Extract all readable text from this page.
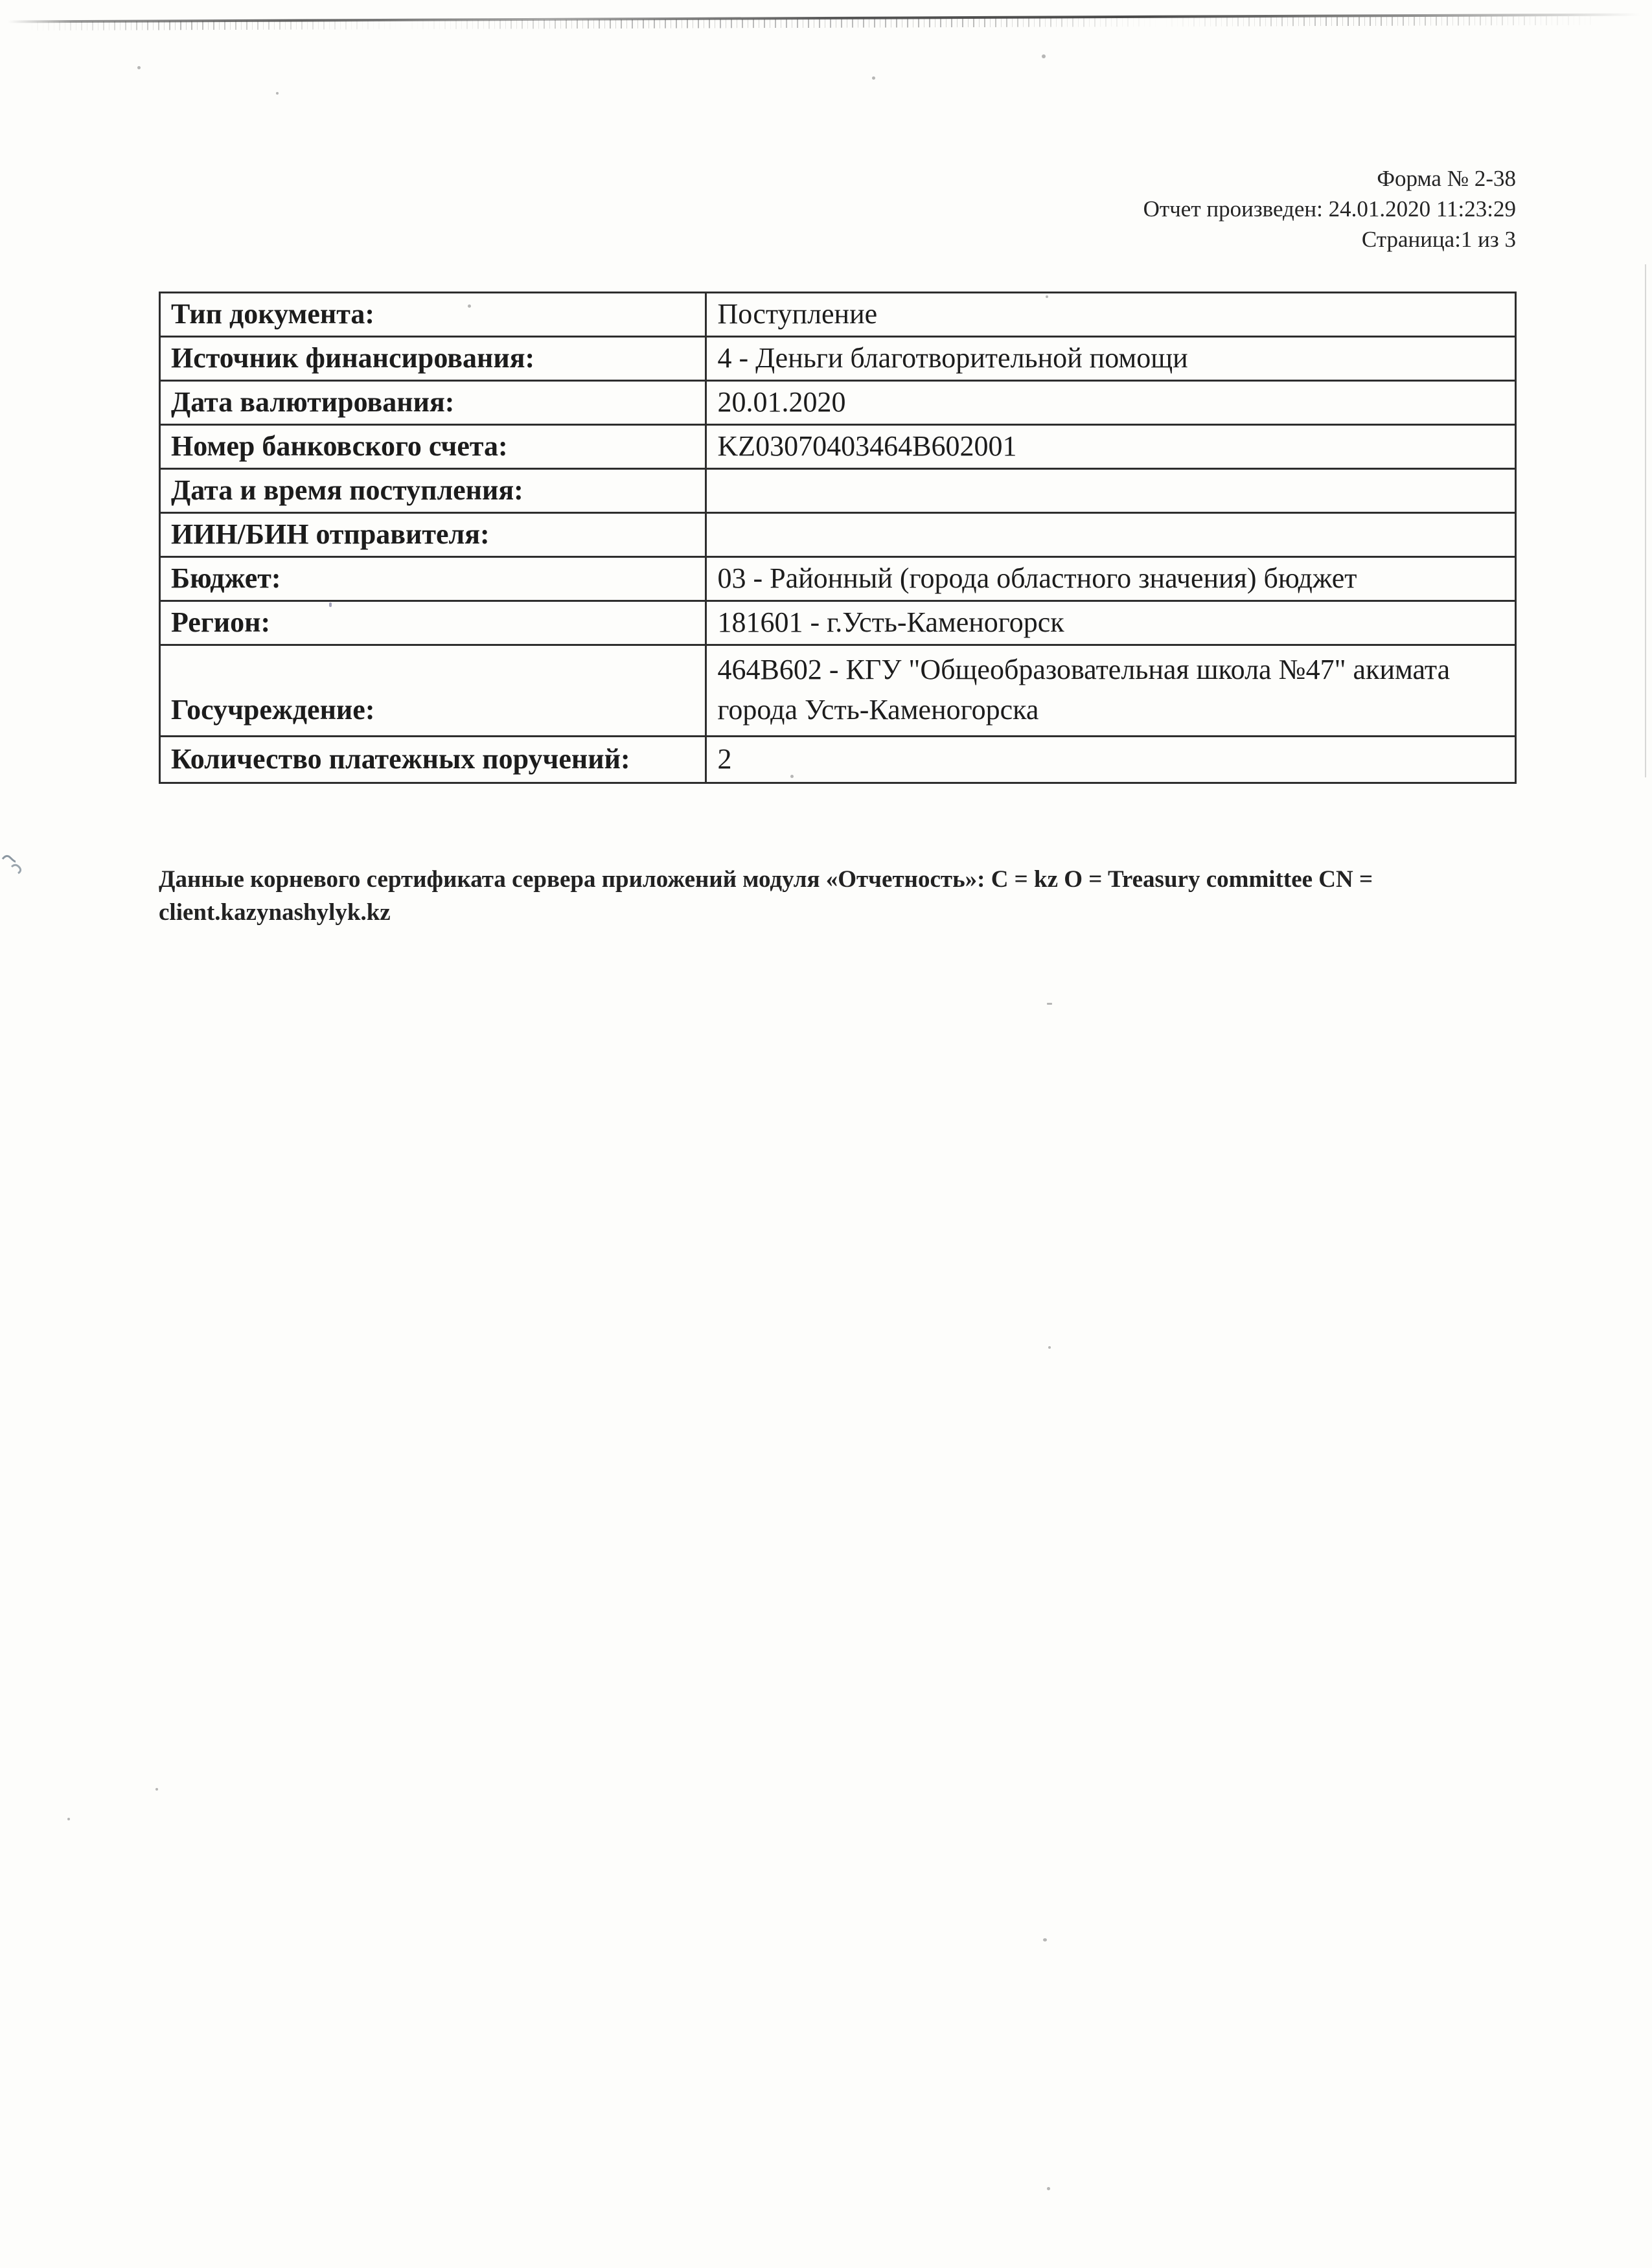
Форма № 2-38
Отчет произведен: 24.01.2020 11:23:29
Страница:1 из 3
Тип документа:	Поступление
Источник финансирования:	4 - Деньги благотворительной помощи
Дата валютирования:	20.01.2020
Номер банковского счета:	KZ03070403464B602001
Дата и время поступления:	
ИИН/БИН отправителя:	
Бюджет:	03 - Районный (города областного значения) бюджет
Регион:	181601 - г.Усть-Каменогорск
Госучреждение:	464B602 - КГУ "Общеобразовательная школа №47" акимата города Усть-Каменогорска
Количество платежных поручений:	2

Данные корневого сертификата сервера приложений модуля «Отчетность»: C = kz O = Treasury committee CN = client.kazynashylyk.kz
